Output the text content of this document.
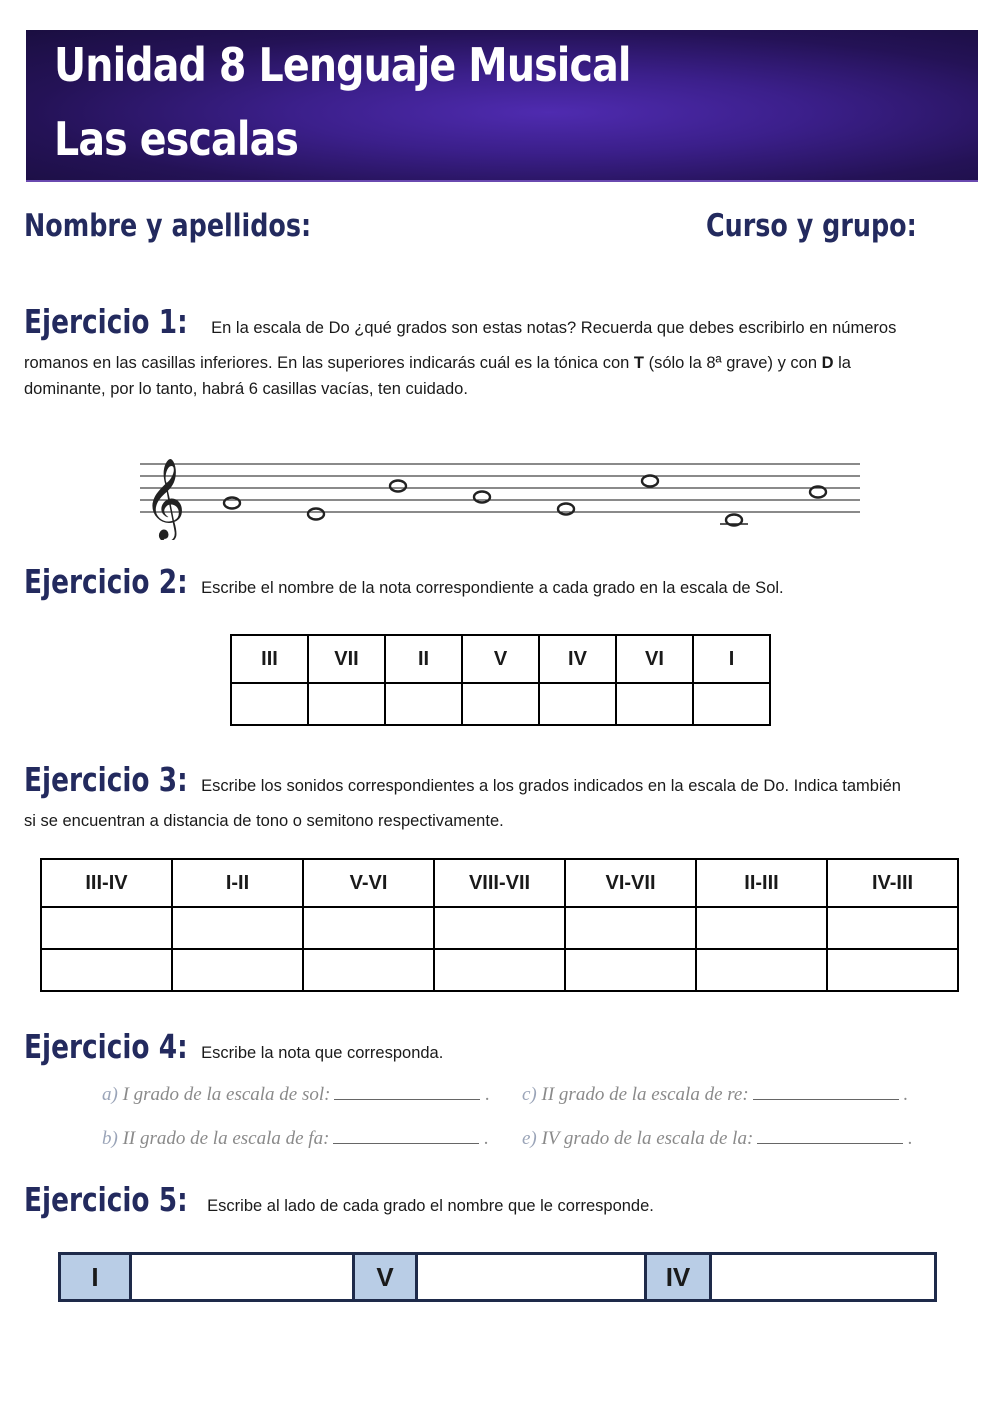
Unidad 8 Lenguaje Musical
Las escalas
Nombre y apellidos:	Curso y grupo:
Ejercicio 1: En la escala de Do ¿qué grados son estas notas? Recuerda que debes escribirlo en números
romanos en las casillas inferiores. En las superiores indicarás cuál es la tónica con T (sólo la 8ª grave) y con D la
dominante, por lo tanto, habrá 6 casillas vacías, ten cuidado.
𝄞
Ejercicio 2: Escribe el nombre de la nota correspondiente a cada grado en la escala de Sol.
III	VII	II	V	IV	VI	I

Ejercicio 3: Escribe los sonidos correspondientes a los grados indicados en la escala de Do. Indica también
si se encuentran a distancia de tono o semitono respectivamente.
III-IV	I-II	V-VI	VIII-VII	VI-VII	II-III	IV-III

Ejercicio 4: Escribe la nota que corresponda.
a) I grado de la escala de sol:	. c) II grado de la escala de re:	.
b) II grado de la escala de fa:	. e) IV grado de la escala de la:	.
Ejercicio 5: Escribe al lado de cada grado el nombre que le corresponde.
I		V		IV	
